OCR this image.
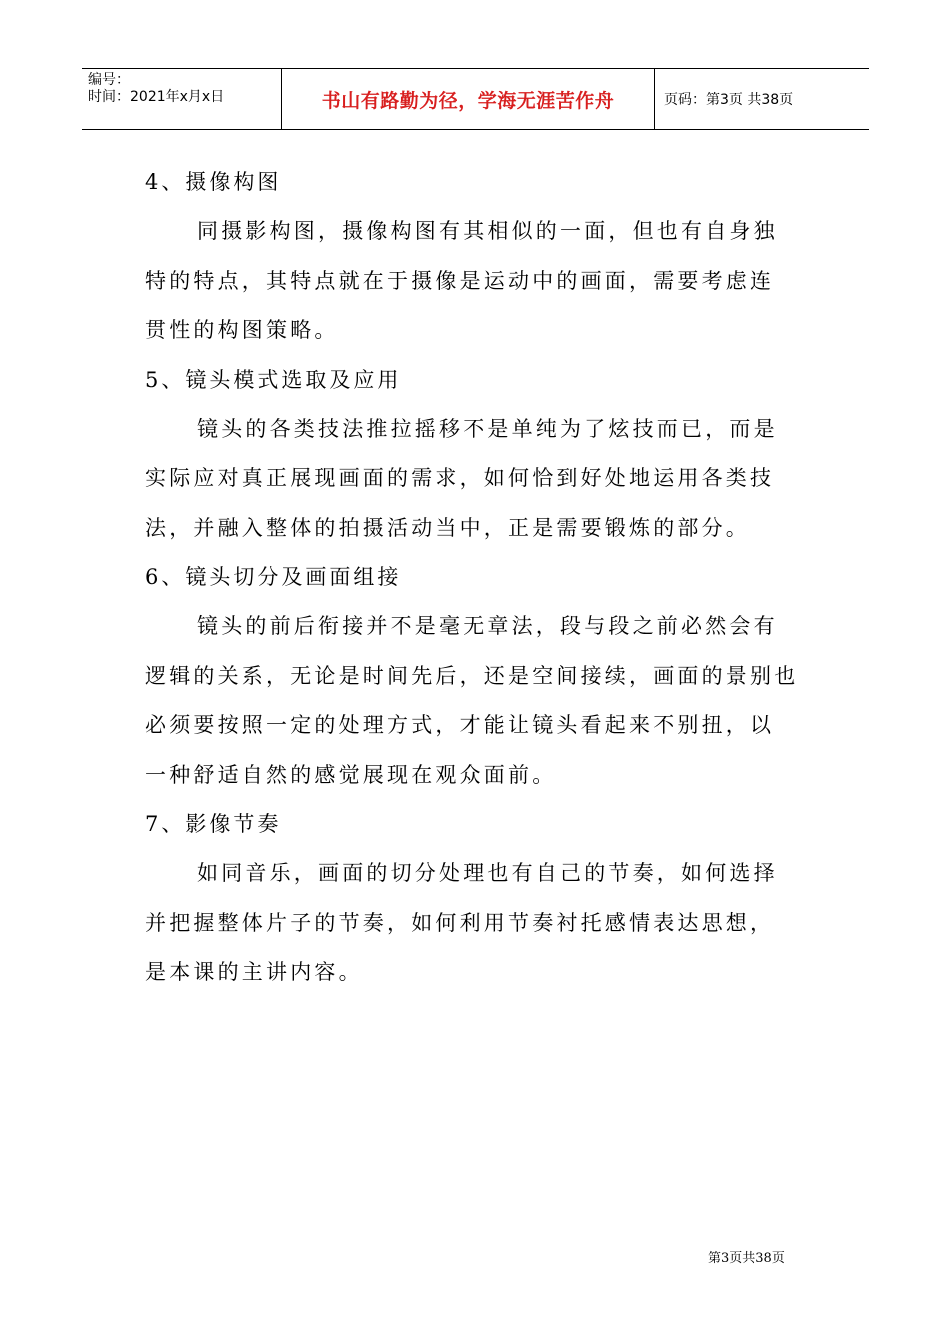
编号：
时间：2021年x月x日	书山有路勤为径，学海无涯苦作舟	页码：第3页 共38页

4、摄像构图

同摄影构图，摄像构图有其相似的一面，但也有自身独
特的特点，其特点就在于摄像是运动中的画面，需要考虑连
贯性的构图策略。

5、镜头模式选取及应用

镜头的各类技法推拉摇移不是单纯为了炫技而已，而是
实际应对真正展现画面的需求，如何恰到好处地运用各类技
法，并融入整体的拍摄活动当中，正是需要锻炼的部分。

6、镜头切分及画面组接

镜头的前后衔接并不是毫无章法，段与段之前必然会有
逻辑的关系，无论是时间先后，还是空间接续，画面的景别也
必须要按照一定的处理方式，才能让镜头看起来不别扭，以
一种舒适自然的感觉展现在观众面前。

7、影像节奏

如同音乐，画面的切分处理也有自己的节奏，如何选择
并把握整体片子的节奏，如何利用节奏衬托感情表达思想，
是本课的主讲内容。

第3页共38页
